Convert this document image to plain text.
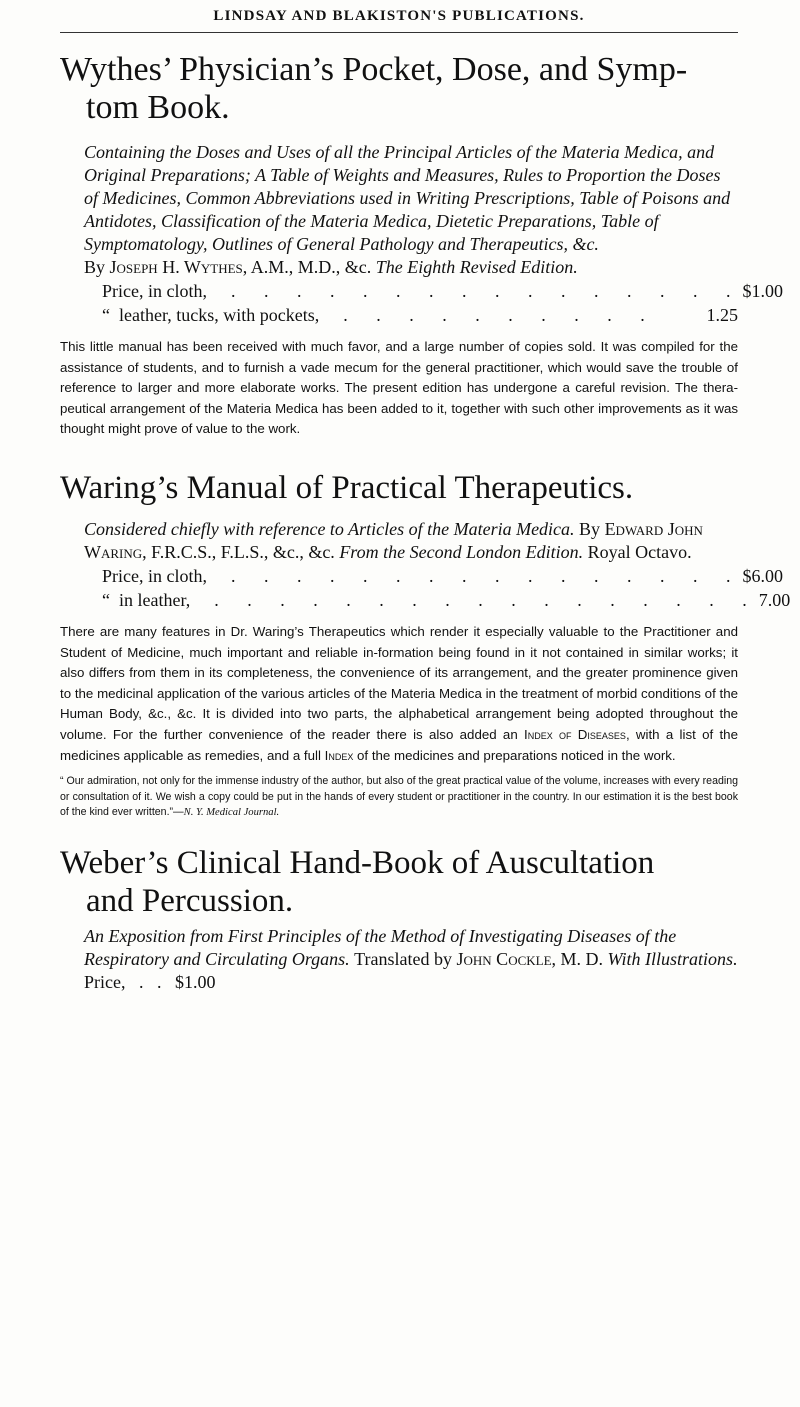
LINDSAY AND BLAKISTON'S PUBLICATIONS.
Wythes’ Physician’s Pocket, Dose, and Symp-
tom Book.

Containing the Doses and Uses of all the Principal Articles of the Materia Medica, and Original Preparations; A Table of Weights and Measures, Rules to Proportion the Doses of Medicines, Common Abbreviations used in Writing Prescriptions, Table of Poisons and Antidotes, Classification of the Materia Medica, Dietetic Preparations, Table of Symptomatology, Outlines of General Pathology and Therapeutics, &c.
By Joseph H. Wythes, A.M., M.D., &c. The Eighth Revised Edition.

Price, in cloth,	. . . . . . . . . . . . . . . . $1.00
“  leather, tucks, with pockets,	. . . . . . . . . .	1.25

This little manual has been received with much favor, and a large number of copies sold. It was compiled for the assistance of students, and to furnish a vade mecum for the general practitioner, which would save the trouble of reference to larger and more elaborate works. The present edition has undergone a careful revision. The thera-peutical arrangement of the Materia Medica has been added to it, together with such other improvements as it was thought might prove of value to the work.

Waring’s Manual of Practical Therapeutics.

Considered chiefly with reference to Articles of the Materia Medica. By Edward John Waring, F.R.C.S., F.L.S., &c., &c. From the Second London Edition. Royal Octavo.

Price, in cloth,	. . . . . . . . . . . . . . . . $6.00
“  in leather,	. . . . . . . . . . . . . . . . . 7.00

There are many features in Dr. Waring’s Therapeutics which render it especially valuable to the Practitioner and Student of Medicine, much important and reliable in-formation being found in it not contained in similar works; it also differs from them in its completeness, the convenience of its arrangement, and the greater prominence given to the medicinal application of the various articles of the Materia Medica in the treatment of morbid conditions of the Human Body, &c., &c. It is divided into two parts, the alphabetical arrangement being adopted throughout the volume. For the further convenience of the reader there is also added an Index of Diseases, with a list of the medicines applicable as remedies, and a full Index of the medicines and preparations noticed in the work.

“ Our admiration, not only for the immense industry of the author, but also of the great practical value of the volume, increases with every reading or consultation of it. We wish a copy could be put in the hands of every student or practitioner in the country. In our estimation it is the best book of the kind ever written.”—N. Y. Medical Journal.

Weber’s Clinical Hand-Book of Auscultation
and Percussion.

An Exposition from First Principles of the Method of Investigating Diseases of the Respiratory and Circulating Organs. Translated by John Cockle, M. D. With Illustrations. Price,   .   .   $1.00
